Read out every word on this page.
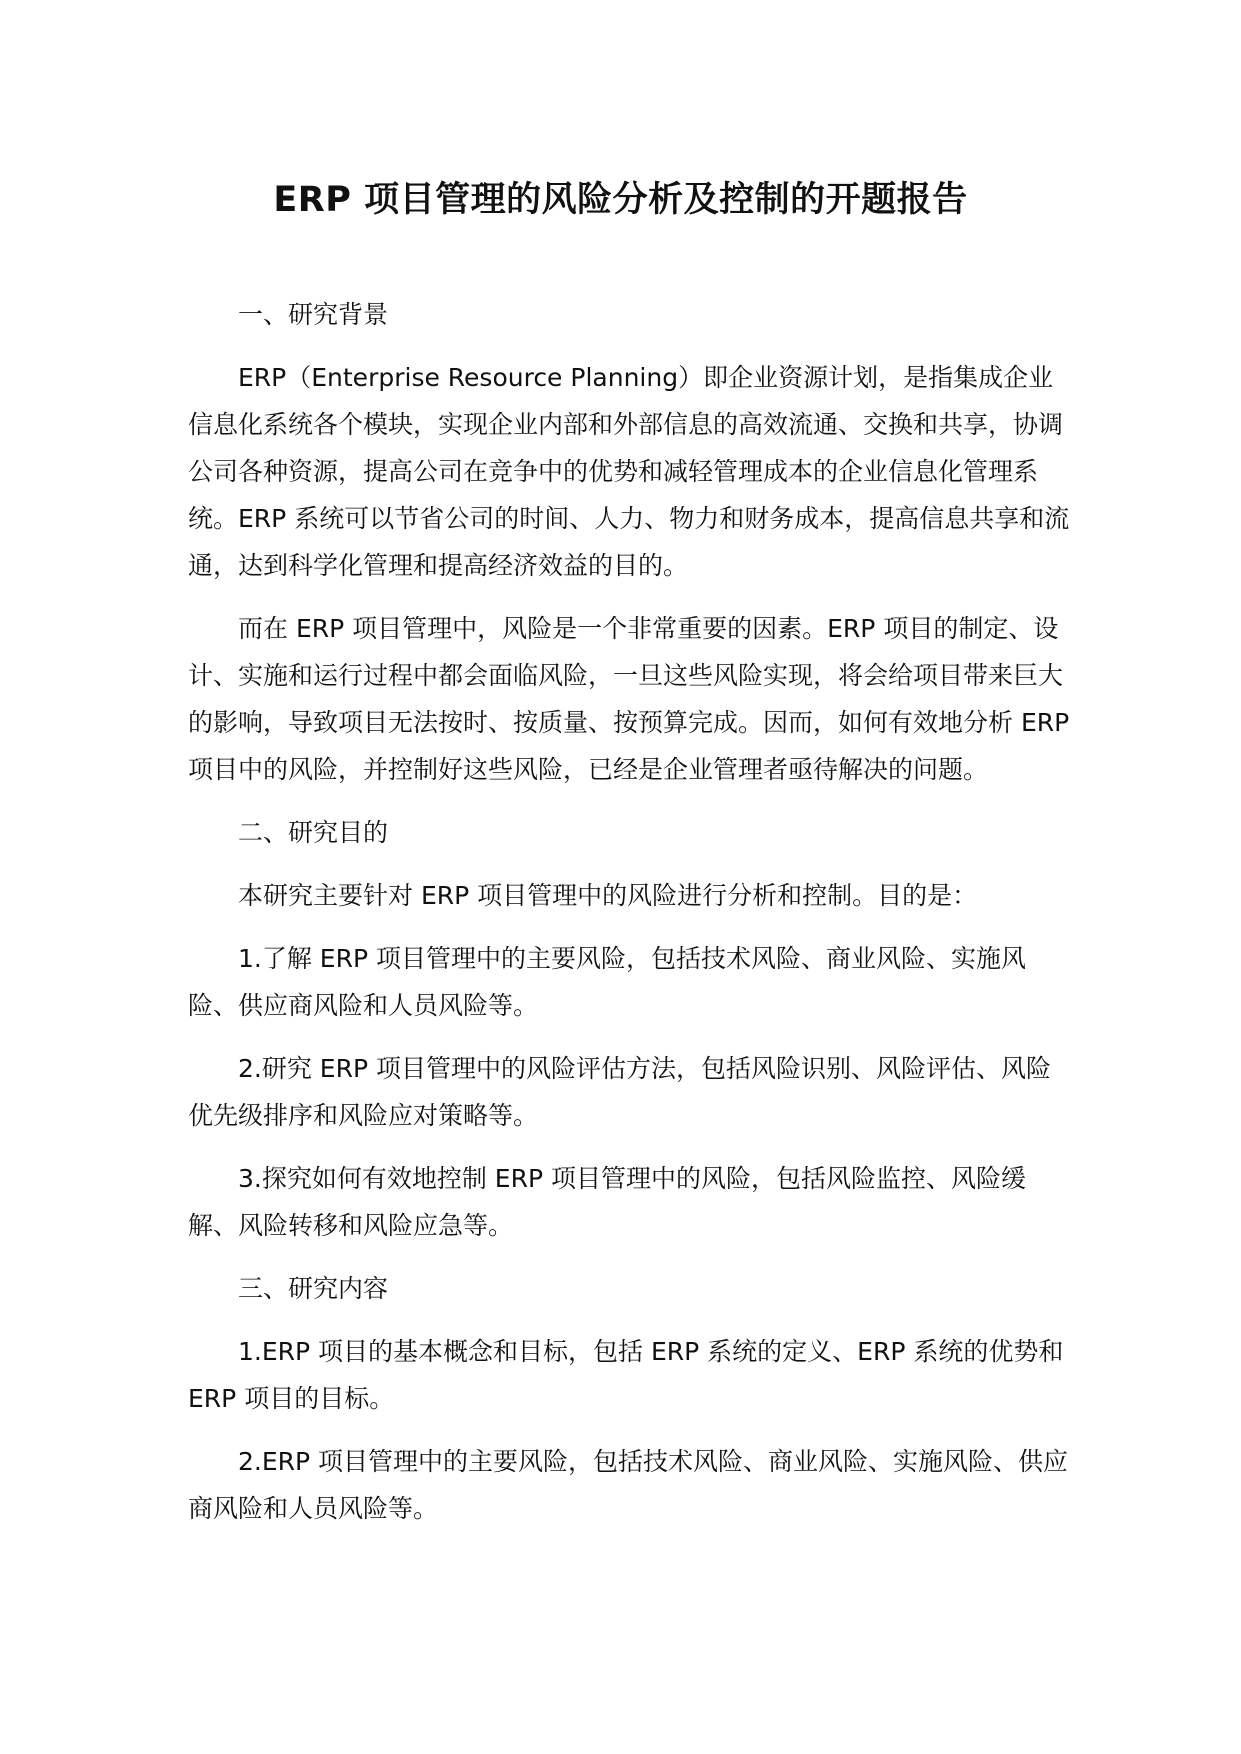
ERP 项目管理的风险分析及控制的开题报告

一、研究背景

ERP（Enterprise Resource Planning）即企业资源计划，是指集成企业信息化系统各个模块，实现企业内部和外部信息的高效流通、交换和共享，协调公司各种资源，提高公司在竞争中的优势和减轻管理成本的企业信息化管理系统。ERP 系统可以节省公司的时间、人力、物力和财务成本，提高信息共享和流通，达到科学化管理和提高经济效益的目的。

而在 ERP 项目管理中，风险是一个非常重要的因素。ERP 项目的制定、设计、实施和运行过程中都会面临风险，一旦这些风险实现，将会给项目带来巨大的影响，导致项目无法按时、按质量、按预算完成。因而，如何有效地分析 ERP 项目中的风险，并控制好这些风险，已经是企业管理者亟待解决的问题。

二、研究目的

本研究主要针对 ERP 项目管理中的风险进行分析和控制。目的是：

1.了解 ERP 项目管理中的主要风险，包括技术风险、商业风险、实施风险、供应商风险和人员风险等。

2.研究 ERP 项目管理中的风险评估方法，包括风险识别、风险评估、风险优先级排序和风险应对策略等。

3.探究如何有效地控制 ERP 项目管理中的风险，包括风险监控、风险缓解、风险转移和风险应急等。

三、研究内容

1.ERP 项目的基本概念和目标，包括 ERP 系统的定义、ERP 系统的优势和 ERP 项目的目标。

2.ERP 项目管理中的主要风险，包括技术风险、商业风险、实施风险、供应商风险和人员风险等。
